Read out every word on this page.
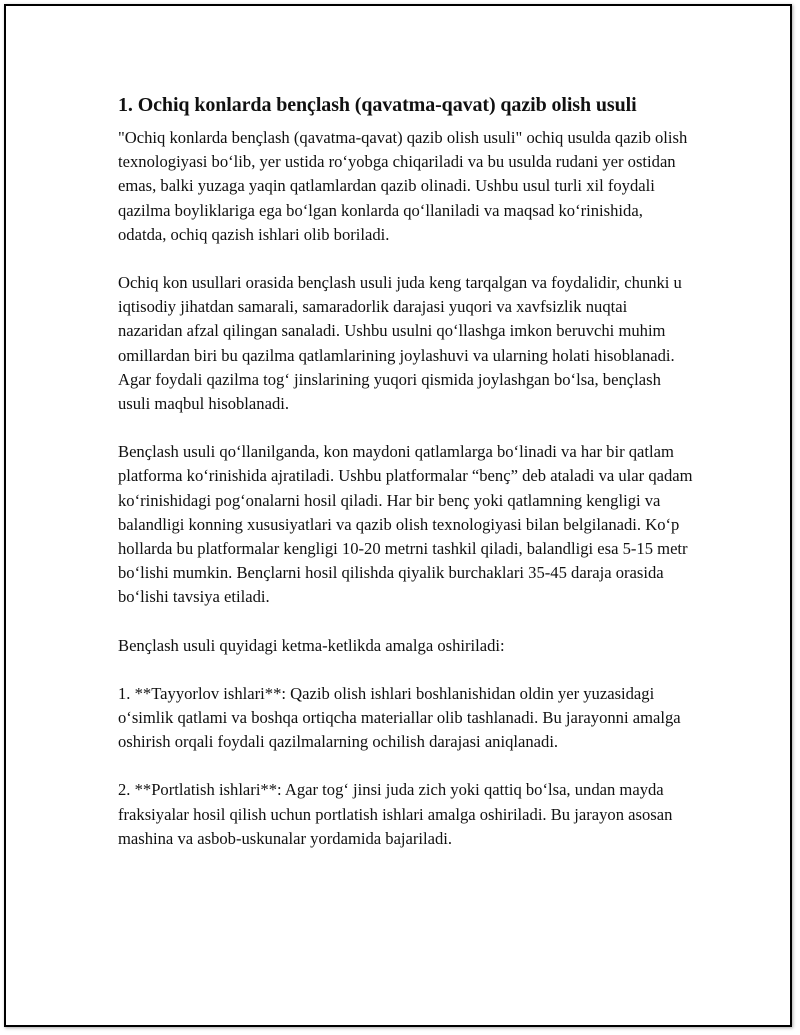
1. Ochiq konlarda benҫlash (qavatma-qavat) qazib olish usuli

"Ochiq konlarda benҫlash (qavatma-qavat) qazib olish usuli" ochiq usulda qazib olish texnologiyasi bo‘lib, yer ustida ro‘yobga chiqariladi va bu usulda rudani yer ostidan emas, balki yuzaga yaqin qatlamlardan qazib olinadi. Ushbu usul turli xil foydali qazilma boyliklariga ega bo‘lgan konlarda qo‘llaniladi va maqsad ko‘rinishida, odatda, ochiq qazish ishlari olib boriladi.

Ochiq kon usullari orasida benҫlash usuli juda keng tarqalgan va foydalidir, chunki u iqtisodiy jihatdan samarali, samaradorlik darajasi yuqori va xavfsizlik nuqtai nazaridan afzal qilingan sanaladi. Ushbu usulni qo‘llashga imkon beruvchi muhim omillardan biri bu qazilma qatlamlarining joylashuvi va ularning holati hisoblanadi. Agar foydali qazilma tog‘ jinslarining yuqori qismida joylashgan bo‘lsa, benҫlash usuli maqbul hisoblanadi.

Benҫlash usuli qo‘llanilganda, kon maydoni qatlamlarga bo‘linadi va har bir qatlam platforma ko‘rinishida ajratiladi. Ushbu platformalar “benҫ” deb ataladi va ular qadam ko‘rinishidagi pog‘onalarni hosil qiladi. Har bir benҫ yoki qatlamning kengligi va balandligi konning xususiyatlari va qazib olish texnologiyasi bilan belgilanadi. Ko‘p hollarda bu platformalar kengligi 10-20 metrni tashkil qiladi, balandligi esa 5-15 metr bo‘lishi mumkin. Benҫlarni hosil qilishda qiyalik burchaklari 35-45 daraja orasida bo‘lishi tavsiya etiladi.

Benҫlash usuli quyidagi ketma-ketlikda amalga oshiriladi:

1. **Tayyorlov ishlari**: Qazib olish ishlari boshlanishidan oldin yer yuzasidagi o‘simlik qatlami va boshqa ortiqcha materiallar olib tashlanadi. Bu jarayonni amalga oshirish orqali foydali qazilmalarning ochilish darajasi aniqlanadi.

2. **Portlatish ishlari**: Agar tog‘ jinsi juda zich yoki qattiq bo‘lsa, undan mayda fraksiyalar hosil qilish uchun portlatish ishlari amalga oshiriladi. Bu jarayon asosan mashina va asbob-uskunalar yordamida bajariladi.
